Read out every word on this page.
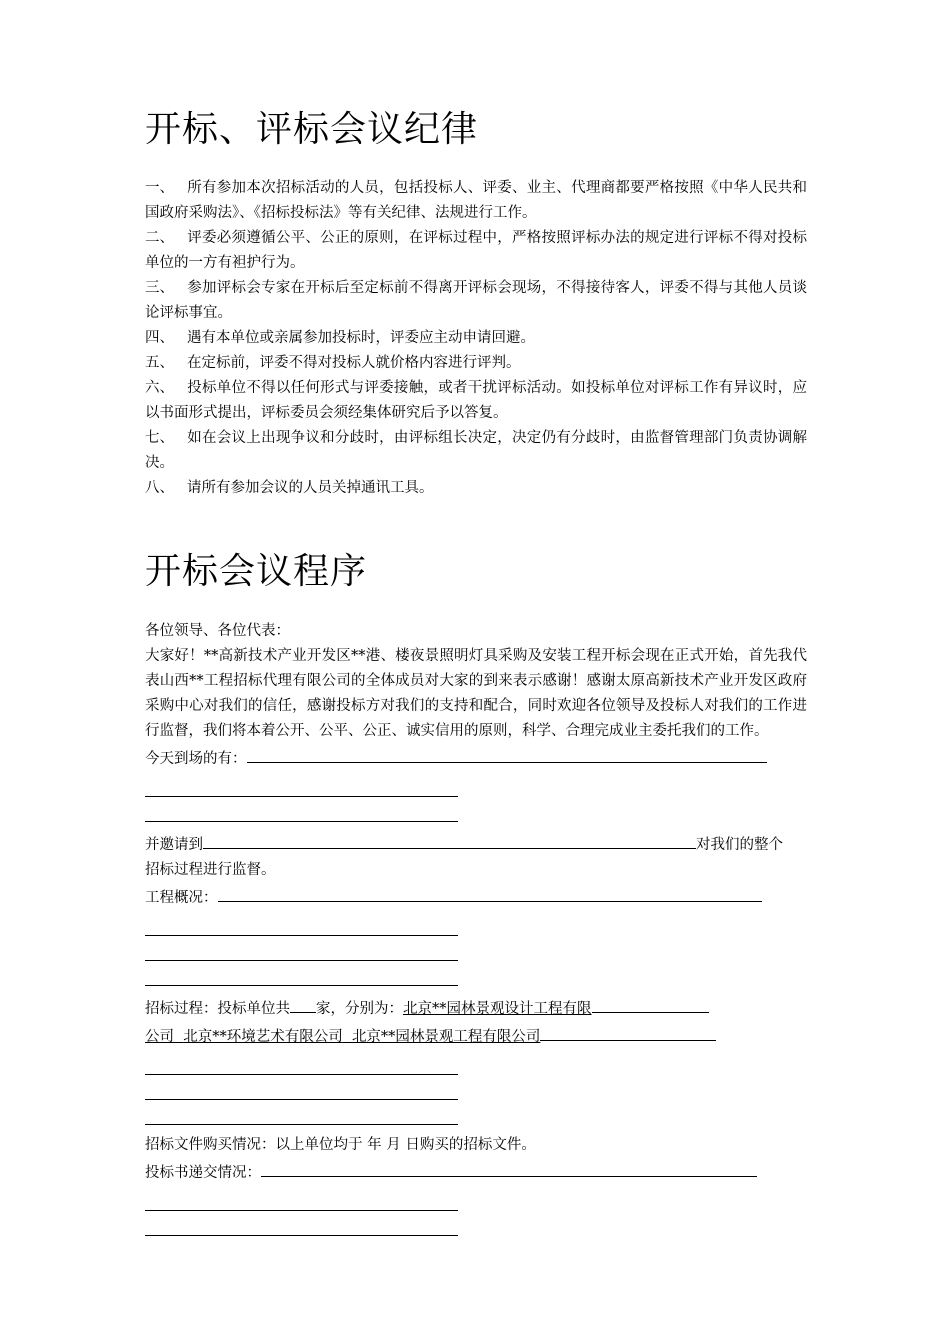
开标、评标会议纪律

一、 所有参加本次招标活动的人员，包括投标人、评委、业主、代理商都要严格按照《中华人民共和国政府采购法》、《招标投标法》等有关纪律、法规进行工作。

二、 评委必须遵循公平、公正的原则，在评标过程中，严格按照评标办法的规定进行评标不得对投标单位的一方有袒护行为。

三、 参加评标会专家在开标后至定标前不得离开评标会现场，不得接待客人，评委不得与其他人员谈论评标事宜。

四、 遇有本单位或亲属参加投标时，评委应主动申请回避。

五、 在定标前，评委不得对投标人就价格内容进行评判。

六、 投标单位不得以任何形式与评委接触，或者干扰评标活动。如投标单位对评标工作有异议时，应以书面形式提出，评标委员会须经集体研究后予以答复。

七、 如在会议上出现争议和分歧时，由评标组长决定，决定仍有分歧时，由监督管理部门负责协调解决。

八、 请所有参加会议的人员关掉通讯工具。

开标会议程序

各位领导、各位代表：

大家好！**高新技术产业开发区**港、楼夜景照明灯具采购及安装工程开标会现在正式开始，首先我代表山西**工程招标代理有限公司的全体成员对大家的到来表示感谢！感谢太原高新技术产业开发区政府采购中心对我们的信任，感谢投标方对我们的支持和配合，同时欢迎各位领导及投标人对我们的工作进行监督，我们将本着公开、公平、公正、诚实信用的原则，科学、合理完成业主委托我们的工作。

今天到场的有：

并邀请到	对我们的整个

招标过程进行监督。

工程概况：

招标过程：投标单位共 家，分别为：北京**园林景观设计工程有限

公司 北京**环境艺术有限公司 北京**园林景观工程有限公司

招标文件购买情况：以上单位均于 年 月 日购买的招标文件。

投标书递交情况：
